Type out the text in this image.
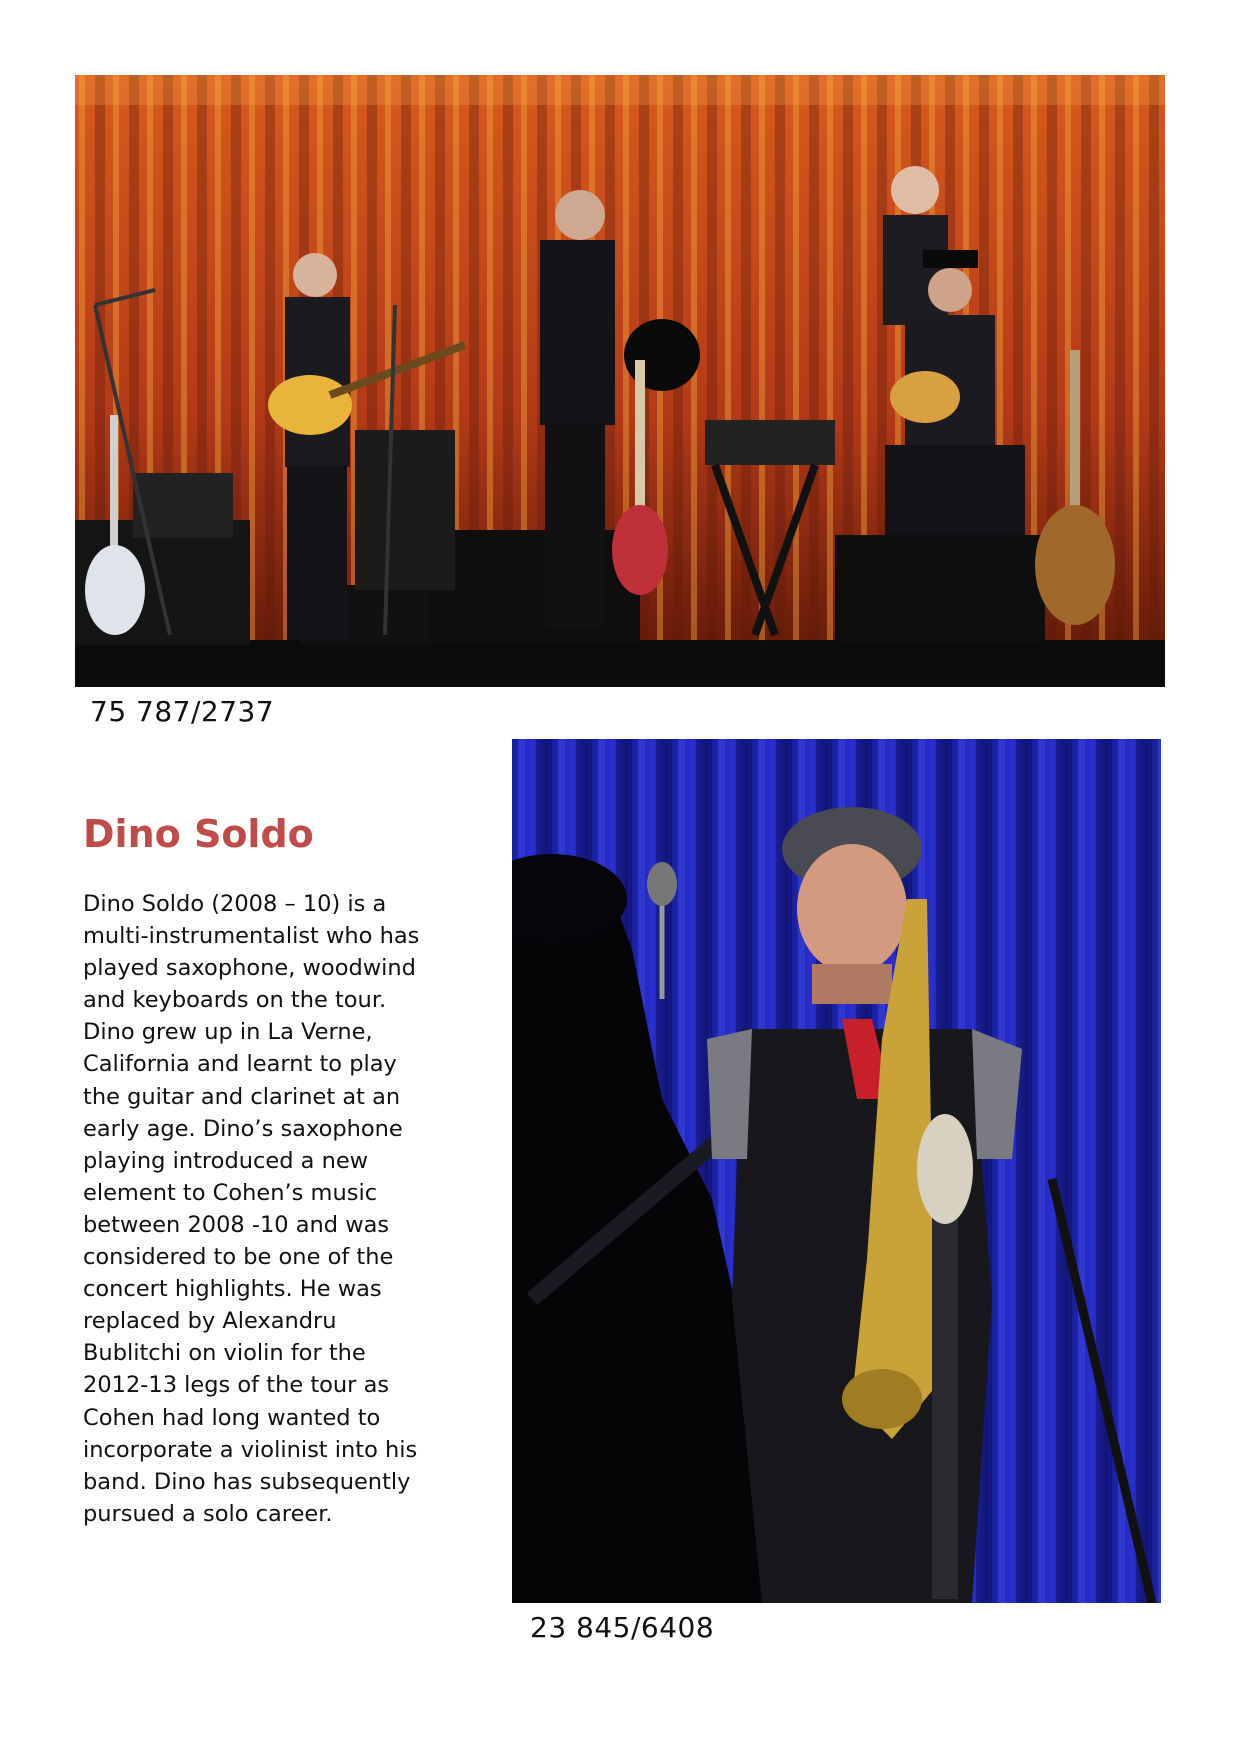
75 787/2737
Dino Soldo

Dino Soldo (2008 – 10) is a
multi-instrumentalist who has
played saxophone, woodwind
and keyboards on the tour.
Dino grew up in La Verne,
California and learnt to play
the guitar and clarinet at an
early age. Dino’s saxophone
playing introduced a new
element to Cohen’s music
between 2008 -10 and was
considered to be one of the
concert highlights. He was
replaced by Alexandru
Bublitchi on violin for the
2012-13 legs of the tour as
Cohen had long wanted to
incorporate a violinist into his
band. Dino has subsequently
pursued a solo career.

23 845/6408
